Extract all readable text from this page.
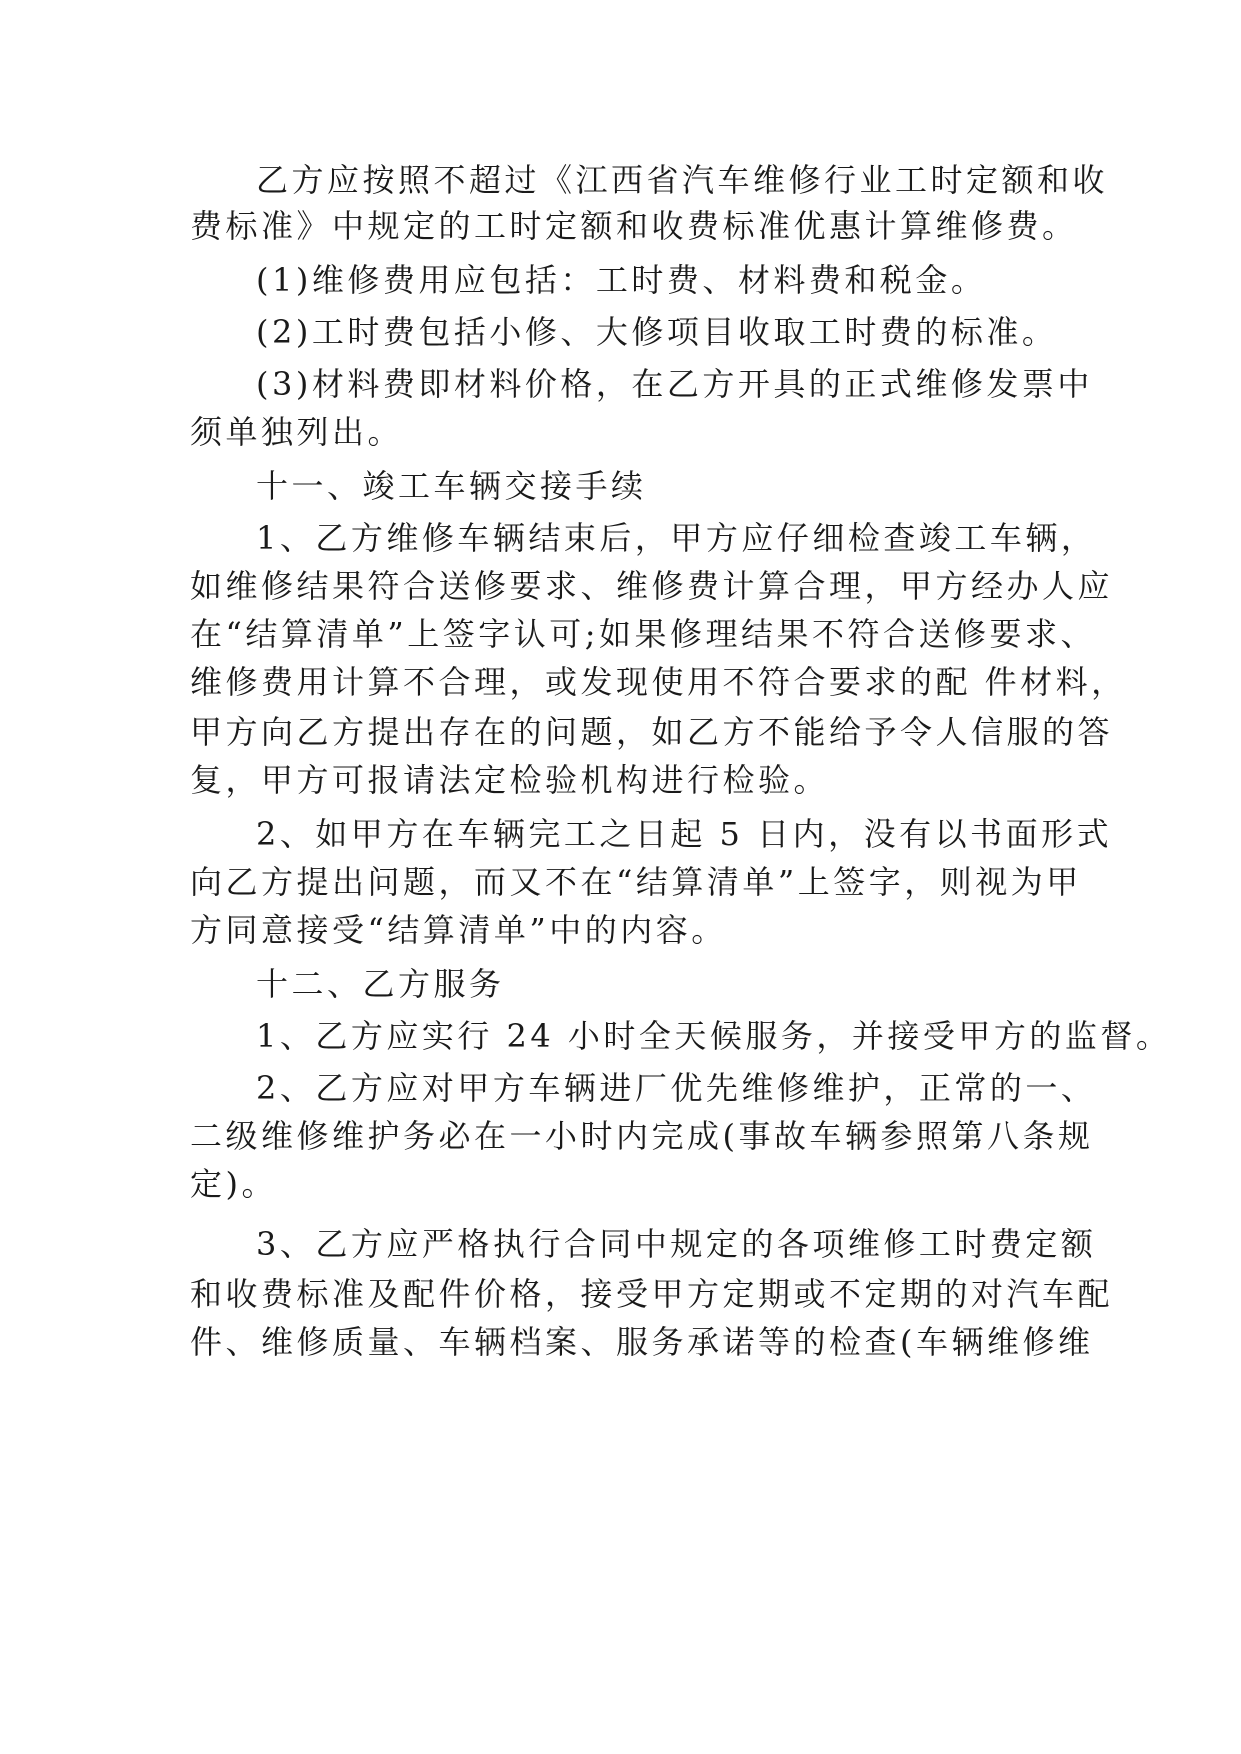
乙方应按照不超过《江西省汽车维修行业工时定额和收
费标准》中规定的工时定额和收费标准优惠计算维修费。
(1)维修费用应包括：工时费、材料费和税金。
(2)工时费包括小修、大修项目收取工时费的标准。
(3)材料费即材料价格，在乙方开具的正式维修发票中
须单独列出。
十一、竣工车辆交接手续
1、乙方维修车辆结束后，甲方应仔细检查竣工车辆，
如维修结果符合送修要求、维修费计算合理，甲方经办人应
在“结算清单”上签字认可;如果修理结果不符合送修要求、
维修费用计算不合理，或发现使用不符合要求的配 件材料，
甲方向乙方提出存在的问题，如乙方不能给予令人信服的答
复，甲方可报请法定检验机构进行检验。
2、如甲方在车辆完工之日起 5 日内，没有以书面形式
向乙方提出问题，而又不在“结算清单”上签字，则视为甲
方同意接受“结算清单”中的内容。
十二、乙方服务
1、乙方应实行 24 小时全天候服务，并接受甲方的监督。
2、乙方应对甲方车辆进厂优先维修维护，正常的一、
二级维修维护务必在一小时内完成(事故车辆参照第八条规
定)。
3、乙方应严格执行合同中规定的各项维修工时费定额
和收费标准及配件价格，接受甲方定期或不定期的对汽车配
件、维修质量、车辆档案、服务承诺等的检查(车辆维修维
